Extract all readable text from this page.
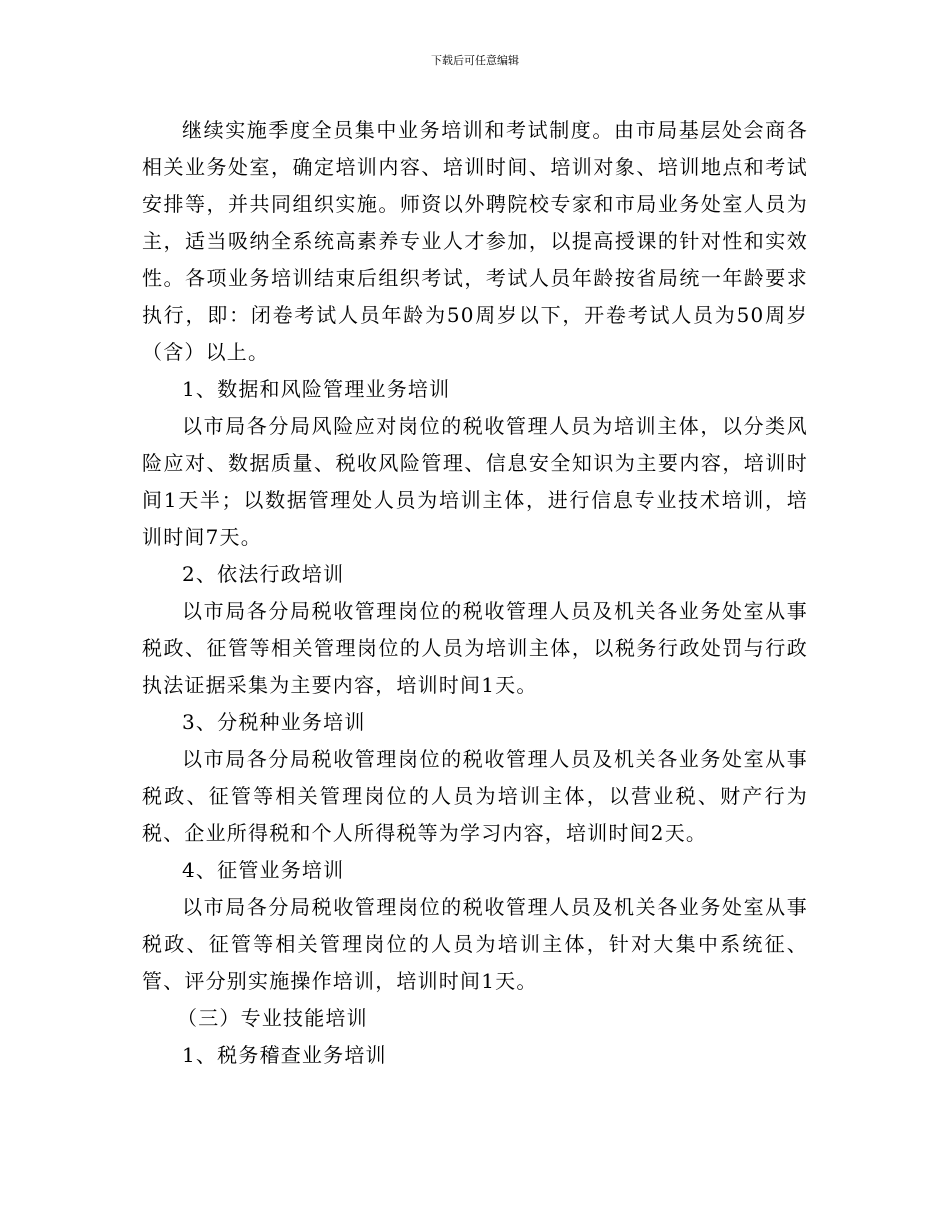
下载后可任意编辑

继续实施季度全员集中业务培训和考试制度。由市局基层处会商各相关业务处室，确定培训内容、培训时间、培训对象、培训地点和考试安排等，并共同组织实施。师资以外聘院校专家和市局业务处室人员为主，适当吸纳全系统高素养专业人才参加，以提高授课的针对性和实效性。各项业务培训结束后组织考试，考试人员年龄按省局统一年龄要求执行，即：闭卷考试人员年龄为50周岁以下，开卷考试人员为50周岁（含）以上。

1、数据和风险管理业务培训

以市局各分局风险应对岗位的税收管理人员为培训主体，以分类风险应对、数据质量、税收风险管理、信息安全知识为主要内容，培训时间1天半；以数据管理处人员为培训主体，进行信息专业技术培训，培训时间7天。

2、依法行政培训

以市局各分局税收管理岗位的税收管理人员及机关各业务处室从事税政、征管等相关管理岗位的人员为培训主体，以税务行政处罚与行政执法证据采集为主要内容，培训时间1天。

3、分税种业务培训

以市局各分局税收管理岗位的税收管理人员及机关各业务处室从事税政、征管等相关管理岗位的人员为培训主体，以营业税、财产行为税、企业所得税和个人所得税等为学习内容，培训时间2天。

4、征管业务培训

以市局各分局税收管理岗位的税收管理人员及机关各业务处室从事税政、征管等相关管理岗位的人员为培训主体，针对大集中系统征、管、评分别实施操作培训，培训时间1天。

（三）专业技能培训

1、税务稽查业务培训
